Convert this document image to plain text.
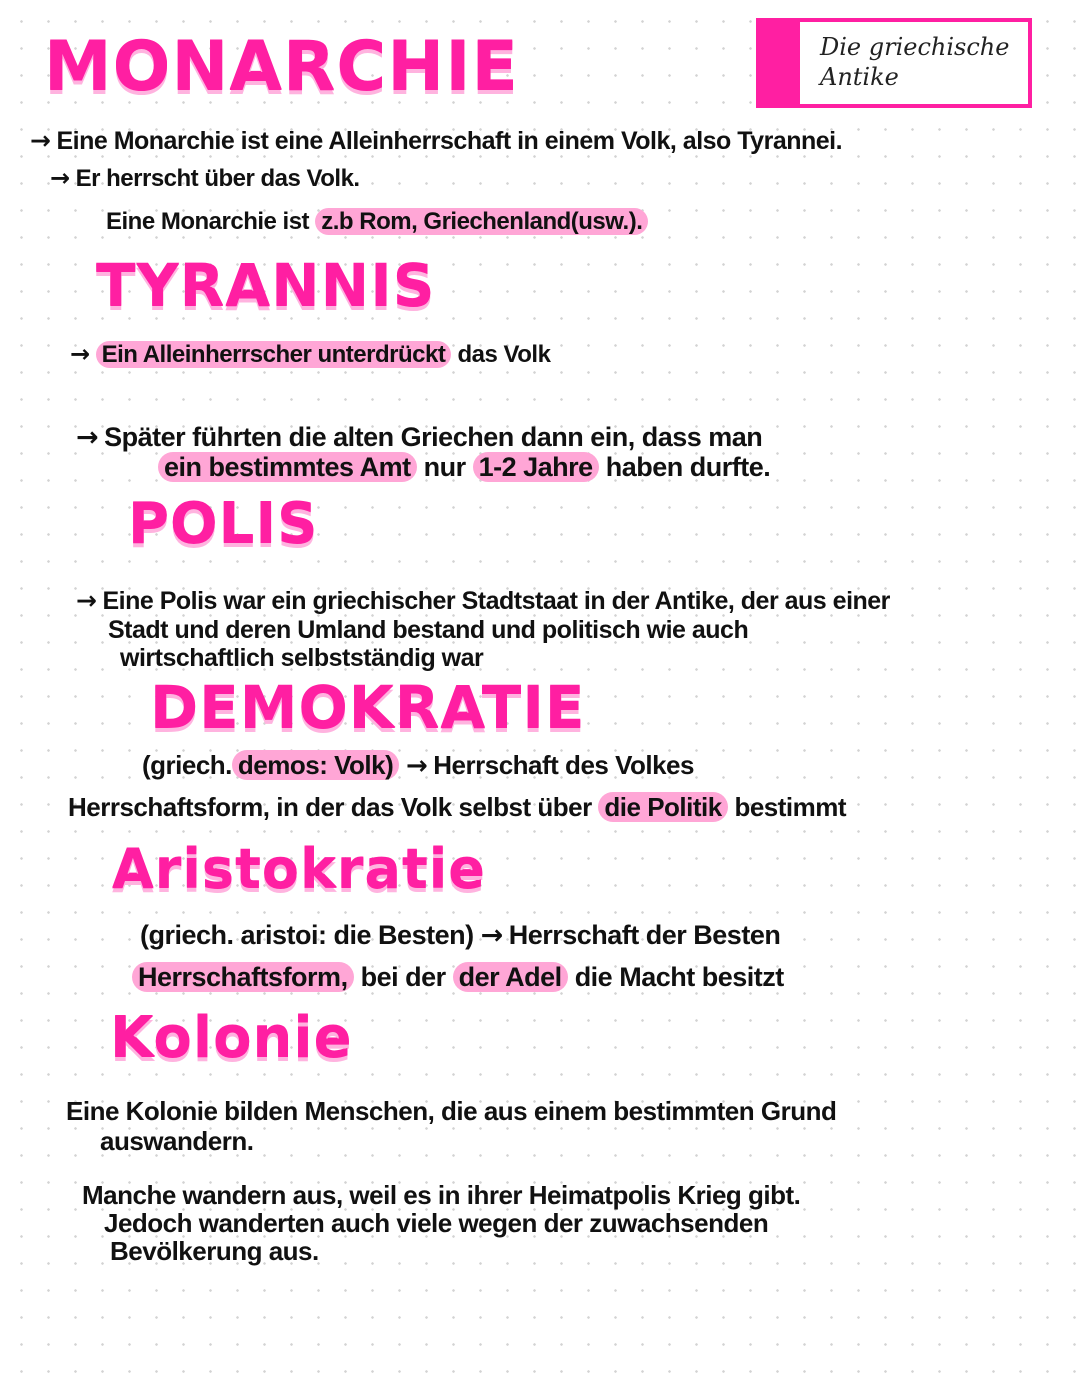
Die griechische
Antike
MONARCHIE
→ Eine Monarchie ist eine Alleinherrschaft in einem Volk, also Tyrannei.
→ Er herrscht über das Volk.
Eine Monarchie ist z.b Rom, Griechenland(usw.).
TYRANNIS
→ Ein Alleinherrscher unterdrückt das Volk
→ Später führten die alten Griechen dann ein, dass man
ein bestimmtes Amt nur 1-2 Jahre haben durfte.
POLIS
→ Eine Polis war ein griechischer Stadtstaat in der Antike, der aus einer
Stadt und deren Umland bestand und politisch wie auch
wirtschaftlich selbstständig war
DEMOKRATIE
(griech. demos: Volk) → Herrschaft des Volkes
Herrschaftsform, in der das Volk selbst über die Politik bestimmt
Aristokratie
(griech. aristoi: die Besten) → Herrschaft der Besten
Herrschaftsform, bei der der Adel die Macht besitzt
Kolonie
Eine Kolonie bilden Menschen, die aus einem bestimmten Grund
auswandern.
Manche wandern aus, weil es in ihrer Heimatpolis Krieg gibt.
Jedoch wanderten auch viele wegen der zuwachsenden
Bevölkerung aus.
